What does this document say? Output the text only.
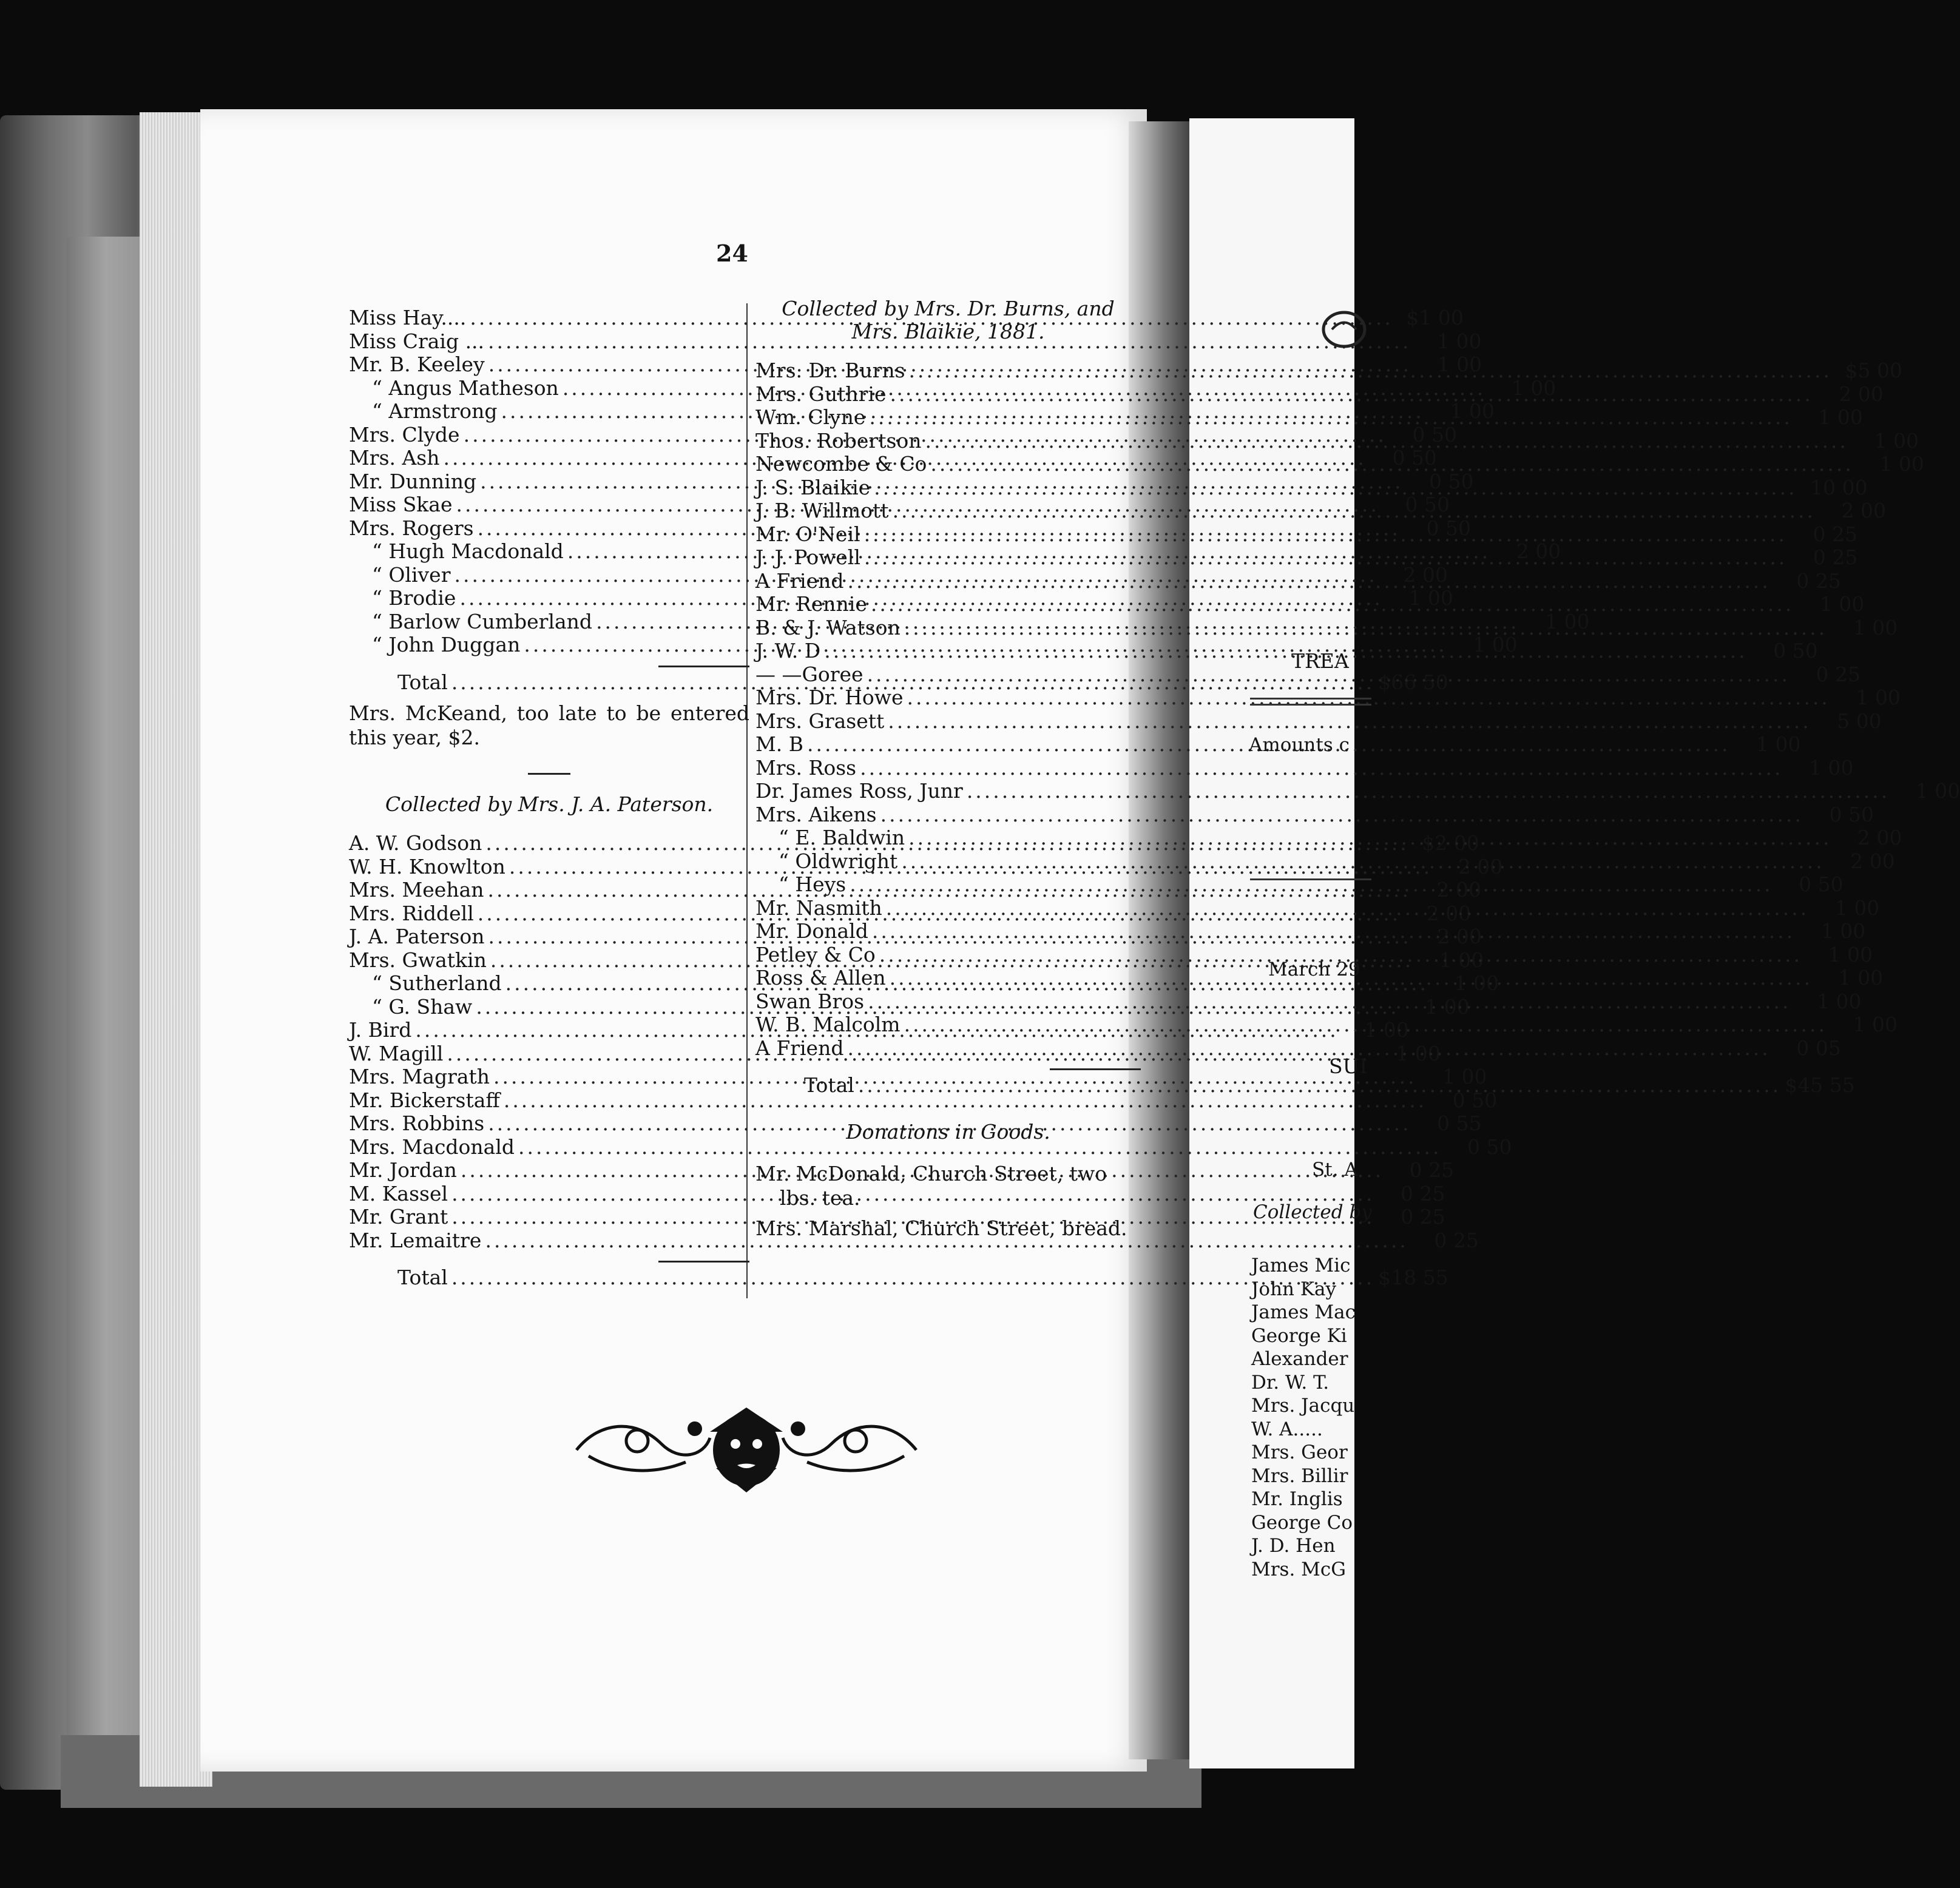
24
Miss Hay.... .....	$1 00
Miss Craig ... .....	1 00
Mr. B. Keeley .....	1 00
“ Angus Matheson .....	1 00
“ Armstrong .....	1 00
Mrs. Clyde .....	0 50
Mrs. Ash .....	0 50
Mr. Dunning .....	0 50
Miss Skae .....	0 50
Mrs. Rogers .....	0 50
“ Hugh Macdonald .....	2 00
“ Oliver .....	2 00
“ Brodie .....	1 00
“ Barlow Cumberland .....	1 00
“ John Duggan .....	1 00
Total .....	$66 50
Mrs. McKeand, too late to be entered this year, $2.
Collected by Mrs. J. A. Paterson.
A. W. Godson .....	$2 00
W. H. Knowlton .....	2 00
Mrs. Meehan .....	2 00
Mrs. Riddell .....	2 00
J. A. Paterson .....	2 00
Mrs. Gwatkin .....	1 00
“ Sutherland .....	1 00
“ G. Shaw .....	1 00
J. Bird .....	1 00
W. Magill .....	1 00
Mrs. Magrath .....	1 00
Mr. Bickerstaff .....	0 50
Mrs. Robbins .....	0 55
Mrs. Macdonald .....	0 50
Mr. Jordan .....	0 25
M. Kassel .....	0 25
Mr. Grant .....	0 25
Mr. Lemaitre .....	0 25
Total .....	$18 55
Collected by Mrs. Dr. Burns, and Mrs. Blaikie, 1881.
Mrs. Dr. Burns .....	$5 00
Mrs. Guthrie .....	2 00
Wm. Clyne .....	1 00
Thos. Robertson .....	1 00
Newcombe & Co .....	1 00
J. S. Blaikie .....	10 00
J. B. Willmott .....	2 00
Mr. O'Neil .....	0 25
J. J. Powell .....	0 25
A Friend .....	0 25
Mr. Rennie .....	1 00
B. & J. Watson .....	1 00
J. W. D .....	0 50
— —Goree .....	0 25
Mrs. Dr. Howe .....	1 00
Mrs. Grasett .....	5 00
M. B .....	1 00
Mrs. Ross .....	1 00
Dr. James Ross, Junr .....	1 00
Mrs. Aikens .....	0 50
“ E. Baldwin .....	2 00
“ Oldwright .....	2 00
“ Heys .....	0 50
Mr. Nasmith .....	1 00
Mr. Donald .....	1 00
Petley & Co .....	1 00
Ross & Allen .....	1 00
Swan Bros .....	1 00
W. B. Malcolm .....	1 00
A Friend .....	0 05
Total .....	$45 55
Donations in Goods.
Mr. McDonald, Church Street, two lbs. tea.
Mrs. Marshal, Church Street, bread.
TREA
Amounts c
March 29
SUI
St. A
Collected by
James Mic
John Kay
James Mac
George Ki
Alexander
Dr. W. T.
Mrs. Jacqu
W. A.....
Mrs. Geor
Mrs. Billir
Mr. Inglis
George Co
J. D. Hen
Mrs. McG
